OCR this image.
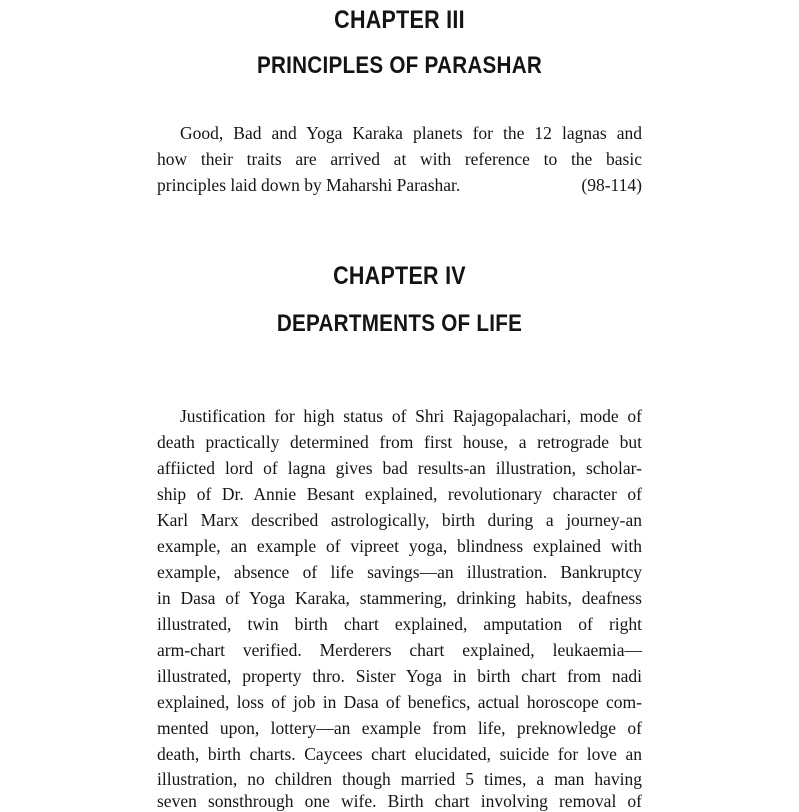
CHAPTER III
PRINCIPLES OF PARASHAR
Good, Bad and Yoga Karaka planets for the 12 lagnas and
how their traits are arrived at with reference to the basic
principles laid down by Maharshi Parashar.	(98-114)
CHAPTER IV
DEPARTMENTS OF LIFE
Justification for high status of Shri Rajagopalachari, mode of
death practically determined from first house, a retrograde but
affiicted lord of lagna gives bad results-an illustration, scholar-
ship of Dr. Annie Besant explained, revolutionary character of
Karl Marx described astrologically, birth during a journey-an
example, an example of vipreet yoga, blindness explained with
example, absence of life savings—an illustration. Bankruptcy
in Dasa of Yoga Karaka, stammering, drinking habits, deafness
illustrated, twin birth chart explained, amputation of right
arm-chart verified. Merderers chart explained, leukaemia—
illustrated, property thro. Sister Yoga in birth chart from nadi
explained, loss of job in Dasa of benefics, actual horoscope com-
mented upon, lottery—an example from life, preknowledge of
death, birth charts. Caycees chart elucidated, suicide for love an
illustration, no children though married 5 times, a man having
seven sonsthrough one wife. Birth chart involving removal of
